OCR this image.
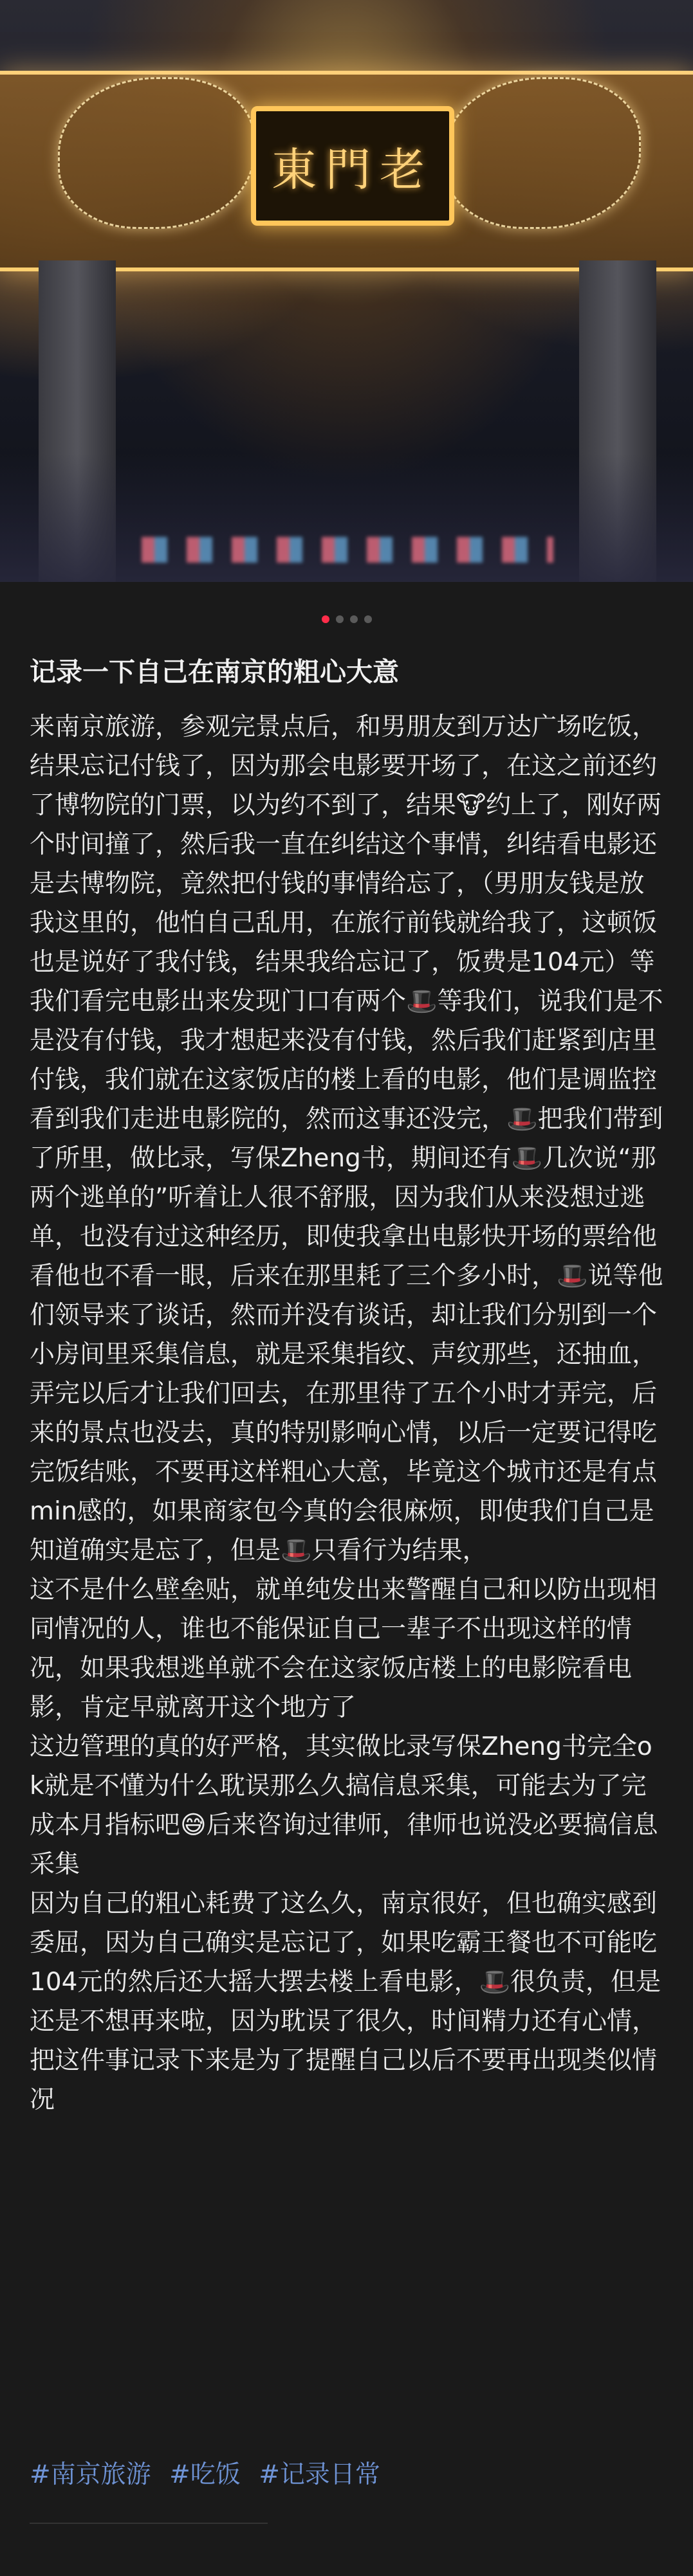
東門老
记录一下自己在南京的粗心大意
来南京旅游，参观完景点后，和男朋友到万达广场吃饭，结果忘记付钱了，因为那会电影要开场了，在这之前还约了博物院的门票，以为约不到了，结果🐮约上了，刚好两个时间撞了，然后我一直在纠结这个事情，纠结看电影还是去博物院，竟然把付钱的事情给忘了，（男朋友钱是放我这里的，他怕自己乱用，在旅行前钱就给我了，这顿饭也是说好了我付钱，结果我给忘记了，饭费是104元）等我们看完电影出来发现门口有两个🎩等我们，说我们是不是没有付钱，我才想起来没有付钱，然后我们赶紧到店里付钱，我们就在这家饭店的楼上看的电影，他们是调监控看到我们走进电影院的，然而这事还没完，🎩把我们带到了所里，做比录，写保Zheng书，期间还有🎩几次说“那两个逃单的”听着让人很不舒服，因为我们从来没想过逃单，也没有过这种经历，即使我拿出电影快开场的票给他看他也不看一眼，后来在那里耗了三个多小时，🎩说等他们领导来了谈话，然而并没有谈话，却让我们分别到一个小房间里采集信息，就是采集指纹、声纹那些，还抽血，弄完以后才让我们回去，在那里待了五个小时才弄完，后来的景点也没去，真的特别影响心情，以后一定要记得吃完饭结账，不要再这样粗心大意，毕竟这个城市还是有点min感的，如果商家包今真的会很麻烦，即使我们自己是知道确实是忘了，但是🎩只看行为结果，
这不是什么壁垒贴，就单纯发出来警醒自己和以防出现相同情况的人，谁也不能保证自己一辈子不出现这样的情况，如果我想逃单就不会在这家饭店楼上的电影院看电影，肯定早就离开这个地方了
这边管理的真的好严格，其实做比录写保Zheng书完全ok就是不懂为什么耽误那么久搞信息采集，可能去为了完成本月指标吧😅后来咨询过律师，律师也说没必要搞信息采集
因为自己的粗心耗费了这么久，南京很好，但也确实感到委屈，因为自己确实是忘记了，如果吃霸王餐也不可能吃104元的然后还大摇大摆去楼上看电影，🎩很负责，但是还是不想再来啦，因为耽误了很久，时间精力还有心情，把这件事记录下来是为了提醒自己以后不要再出现类似情况
#南京旅游 #吃饭 #记录日常
